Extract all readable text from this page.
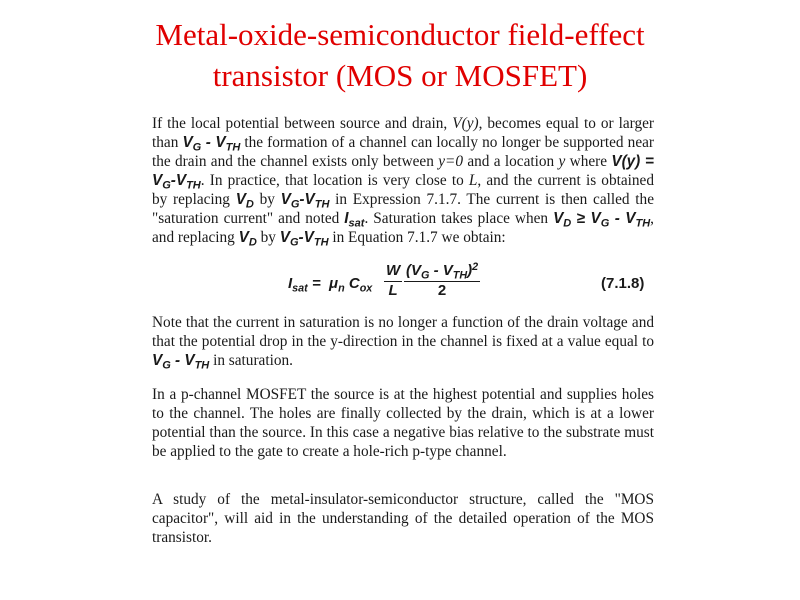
Metal-oxide-semiconductor field-effect
transistor (MOS or MOSFET)

If the local potential between source and drain, V(y), becomes equal to or larger than $V_G - V_{TH}$ the formation of a channel can locally no longer be supported near the drain and the channel exists only between y=0 and a location y where $V(y) = V_G-V_{TH}$. In practice, that location is very close to L, and the current is obtained by replacing $V_D$ by $V_G-V_{TH}$ in Expression 7.1.7. The current is then called the "saturation current" and noted $I_{sat}$. Saturation takes place when $V_D \ge V_G - V_{TH}$, and replacing $V_D$ by $V_G-V_{TH}$ in Equation 7.1.7 we obtain:

$I_{sat} = \mu_n$ $C_{ox} \frac{W}{L} (V_G - V_{TH})^2$
2	(7.1.8)

Note that the current in saturation is no longer a function of the drain voltage and that the potential drop in the y-direction in the channel is fixed at a value equal to $V_G - V_{TH}$ in saturation.

In a p-channel MOSFET the source is at the highest potential and supplies holes to the channel. The holes are finally collected by the drain, which is at a lower potential than the source. In this case a negative bias relative to the substrate must be applied to the gate to create a hole-rich p-type channel.

A study of the metal-insulator-semiconductor structure, called the "MOS capacitor", will aid in the understanding of the detailed operation of the MOS transistor.
